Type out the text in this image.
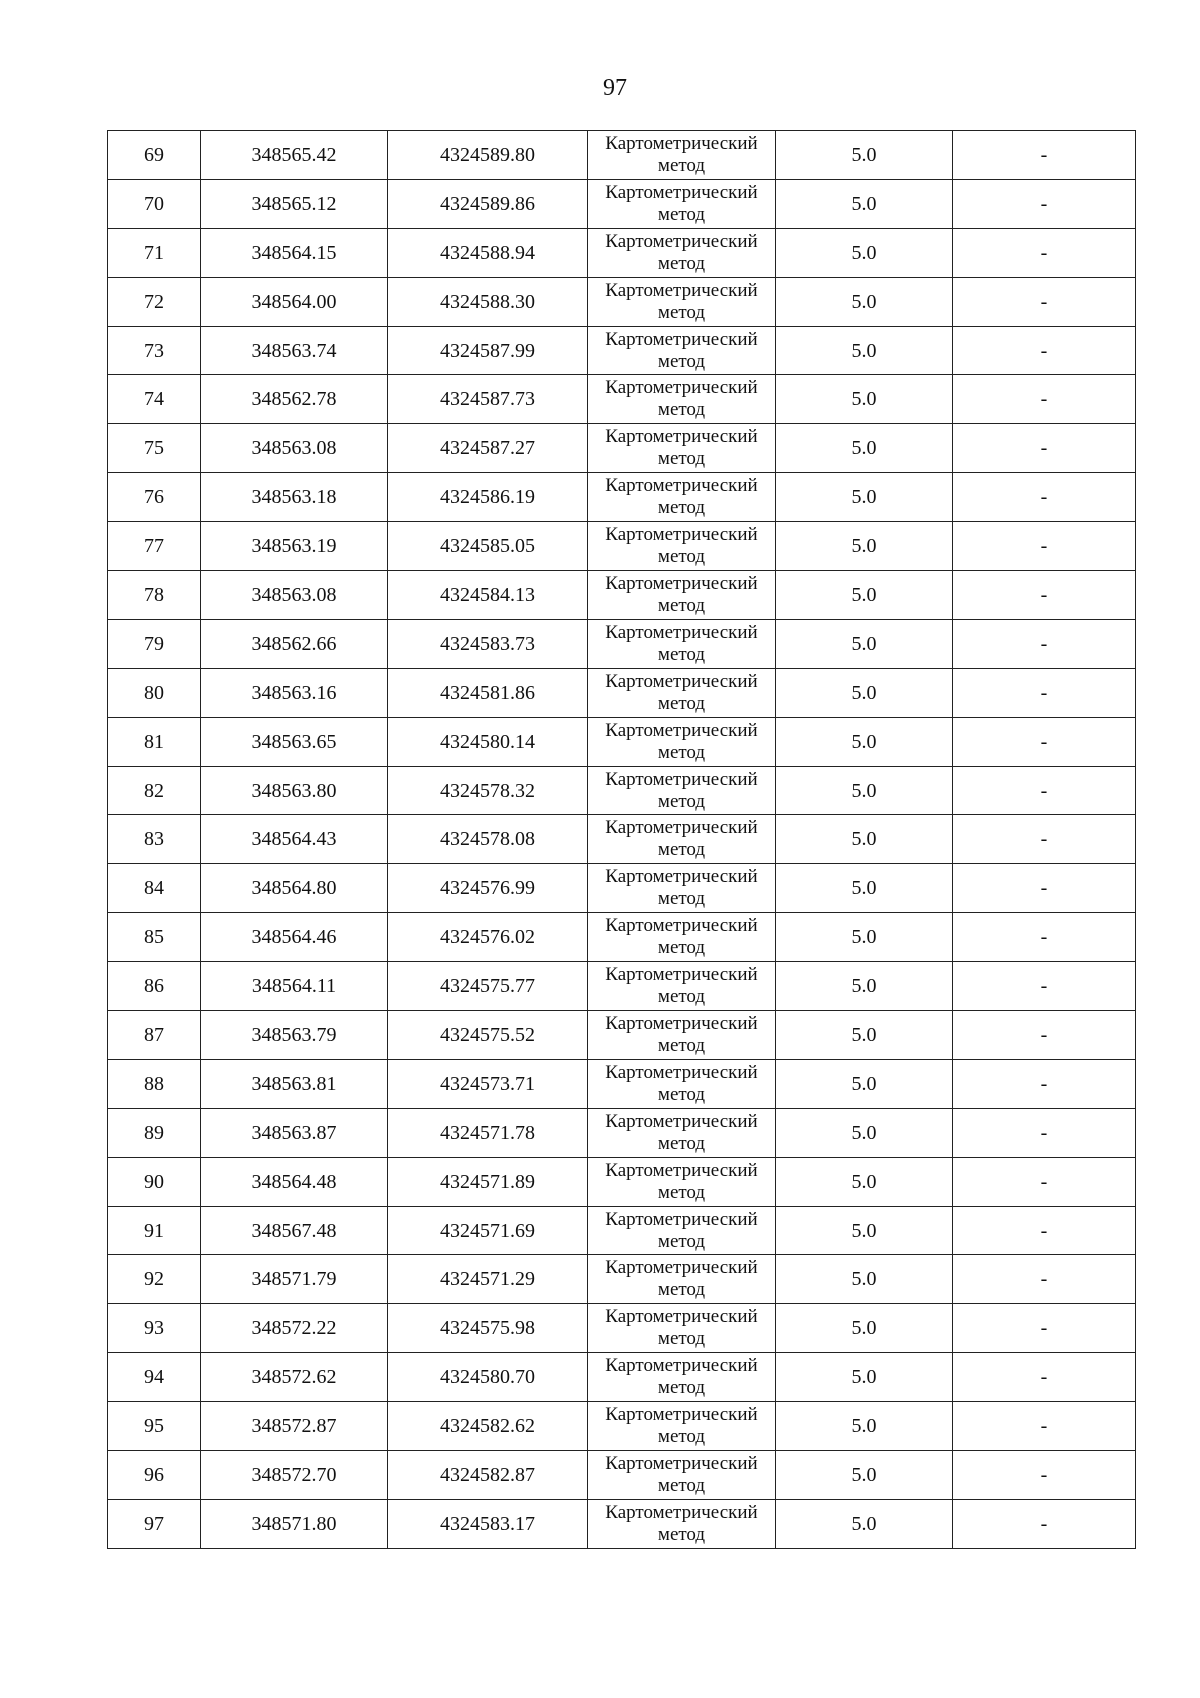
97
69	348565.42	4324589.80	Картометрический метод	5.0	-
70	348565.12	4324589.86	Картометрический метод	5.0	-
71	348564.15	4324588.94	Картометрический метод	5.0	-
72	348564.00	4324588.30	Картометрический метод	5.0	-
73	348563.74	4324587.99	Картометрический метод	5.0	-
74	348562.78	4324587.73	Картометрический метод	5.0	-
75	348563.08	4324587.27	Картометрический метод	5.0	-
76	348563.18	4324586.19	Картометрический метод	5.0	-
77	348563.19	4324585.05	Картометрический метод	5.0	-
78	348563.08	4324584.13	Картометрический метод	5.0	-
79	348562.66	4324583.73	Картометрический метод	5.0	-
80	348563.16	4324581.86	Картометрический метод	5.0	-
81	348563.65	4324580.14	Картометрический метод	5.0	-
82	348563.80	4324578.32	Картометрический метод	5.0	-
83	348564.43	4324578.08	Картометрический метод	5.0	-
84	348564.80	4324576.99	Картометрический метод	5.0	-
85	348564.46	4324576.02	Картометрический метод	5.0	-
86	348564.11	4324575.77	Картометрический метод	5.0	-
87	348563.79	4324575.52	Картометрический метод	5.0	-
88	348563.81	4324573.71	Картометрический метод	5.0	-
89	348563.87	4324571.78	Картометрический метод	5.0	-
90	348564.48	4324571.89	Картометрический метод	5.0	-
91	348567.48	4324571.69	Картометрический метод	5.0	-
92	348571.79	4324571.29	Картометрический метод	5.0	-
93	348572.22	4324575.98	Картометрический метод	5.0	-
94	348572.62	4324580.70	Картометрический метод	5.0	-
95	348572.87	4324582.62	Картометрический метод	5.0	-
96	348572.70	4324582.87	Картометрический метод	5.0	-
97	348571.80	4324583.17	Картометрический метод	5.0	-
